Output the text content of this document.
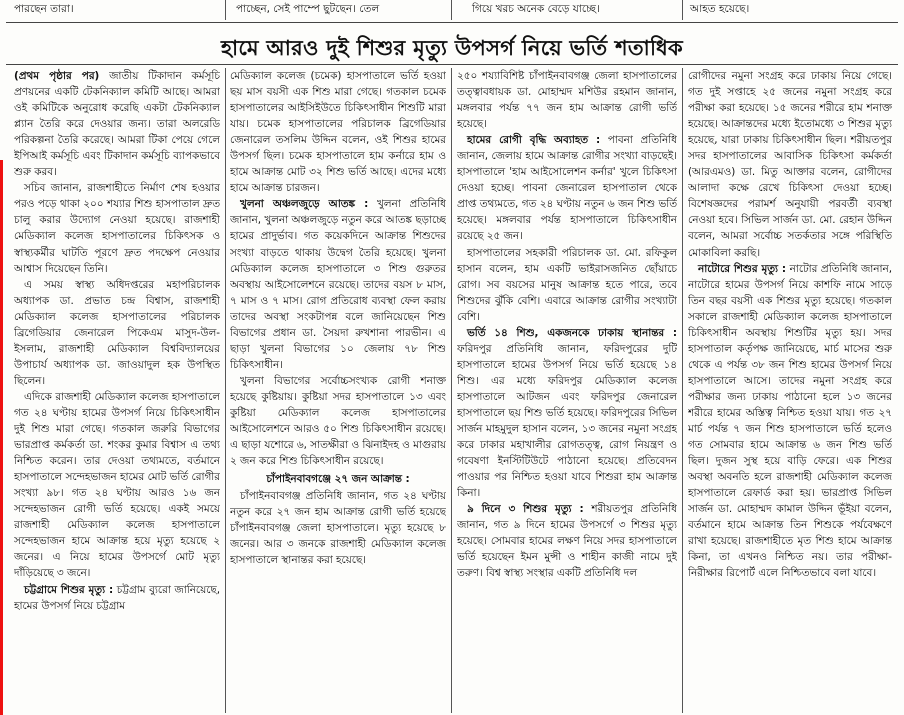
পারছেন তারা।	পাচ্ছেন, সেই পাম্পে ছুটছেন। তেল	গিয়ে খরচ অনেক বেড়ে যাচ্ছে।	আহত হয়েছে।
হামে আরও দুই শিশুর মৃত্যু উপসর্গ নিয়ে ভর্তি শতাধিক

(প্রথম পৃষ্ঠার পর) জাতীয় টিকাদান কর্মসূচি প্রণয়নের একটি টেকনিক্যাল কমিটি আছে। আমরা ওই কমিটিকে অনুরোধ করেছি একটা টেকনিক্যাল প্ল্যান তৈরি করে দেওয়ার জন্য। তারা অলরেডি পরিকল্পনা তৈরি করেছে। আমরা টিকা পেয়ে গেলে ইপিআই কর্মসূচি এবং টিকাদান কর্মসূচি ব্যাপকভাবে শুরু করব।

সচিব জানান, রাজশাহীতে নির্মাণ শেষ হওয়ার পরও পড়ে থাকা ২০০ শয্যার শিশু হাসপাতাল দ্রুত চালু করার উদ্যোগ নেওয়া হয়েছে। রাজশাহী মেডিক্যাল কলেজ হাসপাতালের চিকিৎসক ও স্বাস্থ্যকর্মীর ঘাটতি পূরণে দ্রুত পদক্ষেপ নেওয়ার আশ্বাস দিয়েছেন তিনি।

এ সময় স্বাস্থ্য অধিদপ্তরের মহাপরিচালক অধ্যাপক ডা. প্রভাত চন্দ্র বিশ্বাস, রাজশাহী মেডিক্যাল কলেজ হাসপাতালের পরিচালক ব্রিগেডিয়ার জেনারেল পিকেএম মাসুদ-উল-ইসলাম, রাজশাহী মেডিক্যাল বিশ্ববিদ্যালয়ের উপাচার্য অধ্যাপক ডা. জাওয়াদুল হক উপস্থিত ছিলেন।

এদিকে রাজশাহী মেডিক্যাল কলেজ হাসপাতালে গত ২৪ ঘণ্টায় হামের উপসর্গ নিয়ে চিকিৎসাধীন দুই শিশু মারা গেছে। গতকাল জরুরি বিভাগের ভারপ্রাপ্ত কর্মকর্তা ডা. শংকর কুমার বিশ্বাস এ তথ্য নিশ্চিত করেন। তার দেওয়া তথ্যমতে, বর্তমানে হাসপাতালে সন্দেহভাজন হামের মোট ভর্তি রোগীর সংখ্যা ৯৮। গত ২৪ ঘণ্টায় আরও ১৬ জন সন্দেহভাজন রোগী ভর্তি হয়েছে। একই সময়ে রাজশাহী মেডিক্যাল কলেজ হাসপাতালে সন্দেহভাজন হামে আক্রান্ত হয়ে মৃত্যু হয়েছে ২ জনের। এ নিয়ে হামের উপসর্গে মোট মৃত্যু দাঁড়িয়েছে ৩ জনে।

চট্টগ্রামে শিশুর মৃত্যু : চট্টগ্রাম ব্যুরো জানিয়েছে, হামের উপসর্গ নিয়ে চট্টগ্রাম

মেডিক্যাল কলেজ (চমেক) হাসপাতালে ভর্তি হওয়া ছয় মাস বয়সী এক শিশু মারা গেছে। গতকাল চমেক হাসপাতালের আইসিইউতে চিকিৎসাধীন শিশুটি মারা যায়। চমেক হাসপাতালের পরিচালক ব্রিগেডিয়ার জেনারেল তসলিম উদ্দিন বলেন, ওই শিশুর হামের উপসর্গ ছিল। চমেক হাসপাতালে হাম কর্নারে হাম ও হামে আক্রান্ত মোট ৩২ শিশু ভর্তি আছে। এদের মধ্যে হামে আক্রান্ত চারজন।

খুলনা অঞ্চলজুড়ে আতঙ্ক : খুলনা প্রতিনিধি জানান, খুলনা অঞ্চলজুড়ে নতুন করে আতঙ্ক ছড়াচ্ছে হামের প্রাদুর্ভাব। গত কয়েকদিনে আক্রান্ত শিশুদের সংখ্যা বাড়তে থাকায় উদ্বেগ তৈরি হয়েছে। খুলনা মেডিক্যাল কলেজ হাসপাতালে ৩ শিশু গুরুতর অবস্থায় আইসোলেশনে রয়েছে। তাদের বয়স ৮ মাস, ৭ মাস ও ৭ মাস। রোগ প্রতিরোধ ব্যবস্থা ফেল করায় তাদের অবস্থা সংকটাপন্ন বলে জানিয়েছেন শিশু বিভাগের প্রধান ডা. সৈয়দা রুখশানা পারভীন। এ ছাড়া খুলনা বিভাগের ১০ জেলায় ৭৮ শিশু চিকিৎসাধীন।

খুলনা বিভাগের সর্বোচ্চসংখ্যক রোগী শনাক্ত হয়েছে কুষ্টিয়ায়। কুষ্টিয়া সদর হাসপাতালে ১৩ এবং কুষ্টিয়া মেডিক্যাল কলেজ হাসপাতালের আইসোলেশনে আরও ৫০ শিশু চিকিৎসাধীন রয়েছে। এ ছাড়া যশোরে ৬, সাতক্ষীরা ও ঝিনাইদহ ও মাগুরায় ২ জন করে শিশু চিকিৎসাধীন রয়েছে।

চাঁপাইনবাবগঞ্জে ২৭ জন আক্রান্ত :

চাঁপাইনবাবগঞ্জ প্রতিনিধি জানান, গত ২৪ ঘণ্টায় নতুন করে ২৭ জন হাম আক্রান্ত রোগী ভর্তি হয়েছে চাঁপাইনবাবগঞ্জ জেলা হাসপাতালে। মৃত্যু হয়েছে ৮ জনের। আর ৩ জনকে রাজশাহী মেডিক্যাল কলেজ হাসপাতালে স্থানান্তর করা হয়েছে।

২৫০ শয্যাবিশিষ্ট চাঁপাইনবাবগঞ্জ জেলা হাসপাতালের তত্ত্বাবধায়ক ডা. মোহাম্মদ মশিউর রহমান জানান, মঙ্গলবার পর্যন্ত ৭৭ জন হাম আক্রান্ত রোগী ভর্তি হয়েছে।

হামের রোগী বৃদ্ধি অব্যাহত : পাবনা প্রতিনিধি জানান, জেলায় হামে আক্রান্ত রোগীর সংখ্যা বাড়ছেই। হাসপাতালে 'হাম আইসোলেশন কর্নার' খুলে চিকিৎসা দেওয়া হচ্ছে। পাবনা জেনারেল হাসপাতাল থেকে প্রাপ্ত তথ্যমতে, গত ২৪ ঘণ্টায় নতুন ৬ জন শিশু ভর্তি হয়েছে। মঙ্গলবার পর্যন্ত হাসপাতালে চিকিৎসাধীন রয়েছে ২৫ জন।

হাসপাতালের সহকারী পরিচালক ডা. মো. রফিকুল হাসান বলেন, হাম একটি ভাইরাসজনিত ছোঁয়াচে রোগ। সব বয়সের মানুষ আক্রান্ত হতে পারে, তবে শিশুদের ঝুঁকি বেশি। এবারে আক্রান্ত রোগীর সংখ্যাটা বেশি।

ভর্তি ১৪ শিশু, একজনকে ঢাকায় স্থানান্তর : ফরিদপুর প্রতিনিধি জানান, ফরিদপুরের দুটি হাসপাতালে হামের উপসর্গ নিয়ে ভর্তি হয়েছে ১৪ শিশু। এর মধ্যে ফরিদপুর মেডিক্যাল কলেজ হাসপাতালে আটজন এবং ফরিদপুর জেনারেল হাসপাতালে ছয় শিশু ভর্তি হয়েছে। ফরিদপুরের সিভিল সার্জন মাহমুদুল হাসান বলেন, ১৩ জনের নমুনা সংগ্রহ করে ঢাকার মহাখালীর রোগতত্ত্ব, রোগ নিয়ন্ত্রণ ও গবেষণা ইনস্টিটিউটে পাঠানো হয়েছে। প্রতিবেদন পাওয়ার পর নিশ্চিত হওয়া যাবে শিশুরা হাম আক্রান্ত কিনা।

৯ দিনে ৩ শিশুর মৃত্যু : শরীয়তপুর প্রতিনিধি জানান, গত ৯ দিনে হামের উপসর্গে ৩ শিশুর মৃত্যু হয়েছে। সোমবার হামের লক্ষণ নিয়ে সদর হাসপাতালে ভর্তি হয়েছেন ইমন মুন্সী ও শাহীন কাজী নামে দুই তরুণ। বিশ্ব স্বাস্থ্য সংস্থার একটি প্রতিনিধি দল

রোগীদের নমুনা সংগ্রহ করে ঢাকায় নিয়ে গেছে। গত দুই সপ্তাহে ২৫ জনের নমুনা সংগ্রহ করে পরীক্ষা করা হয়েছে। ১৫ জনের শরীরে হাম শনাক্ত হয়েছে। আক্রান্তদের মধ্যে ইতোমধ্যে ৩ শিশুর মৃত্যু হয়েছে, যারা ঢাকায় চিকিৎসাধীন ছিল। শরীয়তপুর সদর হাসপাতালের আবাসিক চিকিৎসা কর্মকর্তা (আরএমও) ডা. মিতু আক্তার বলেন, রোগীদের আলাদা কক্ষে রেখে চিকিৎসা দেওয়া হচ্ছে। বিশেষজ্ঞদের পরামর্শ অনুযায়ী পরবর্তী ব্যবস্থা নেওয়া হবে। সিভিল সার্জন ডা. মো. রেহান উদ্দিন বলেন, আমরা সর্বোচ্চ সতর্কতার সঙ্গে পরিস্থিতি মোকাবিলা করছি।

নাটোরে শিশুর মৃত্যু : নাটোর প্রতিনিধি জানান, নাটোরে হামের উপসর্গ নিয়ে কাশফি নামে সাড়ে তিন বছর বয়সী এক শিশুর মৃত্যু হয়েছে। গতকাল সকালে রাজশাহী মেডিক্যাল কলেজ হাসপাতালে চিকিৎসাধীন অবস্থায় শিশুটির মৃত্যু হয়। সদর হাসপাতাল কর্তৃপক্ষ জানিয়েছে, মার্চ মাসের শুরু থেকে এ পর্যন্ত ৩৮ জন শিশু হামের উপসর্গ নিয়ে হাসপাতালে আসে। তাদের নমুনা সংগ্রহ করে পরীক্ষার জন্য ঢাকায় পাঠানো হলে ১৩ জনের শরীরে হামের অস্তিত্ব নিশ্চিত হওয়া যায়। গত ২৭ মার্চ পর্যন্ত ৭ জন শিশু হাসপাতালে ভর্তি হলেও গত সোমবার হামে আক্রান্ত ৬ জন শিশু ভর্তি ছিল। দুজন সুস্থ হয়ে বাড়ি ফেরে। এক শিশুর অবস্থা অবনতি হলে রাজশাহী মেডিক্যাল কলেজ হাসপাতালে রেফার্ড করা হয়। ভারপ্রাপ্ত সিভিল সার্জন ডা. মোহাম্মদ কামাল উদ্দিন ভূঁইয়া বলেন, বর্তমানে হামে আক্রান্ত তিন শিশুকে পর্যবেক্ষণে রাখা হয়েছে। রাজশাহীতে মৃত শিশু হামে আক্রান্ত কিনা, তা এখনও নিশ্চিত নয়। তার পরীক্ষা-নিরীক্ষার রিপোর্ট এলে নিশ্চিতভাবে বলা যাবে।
